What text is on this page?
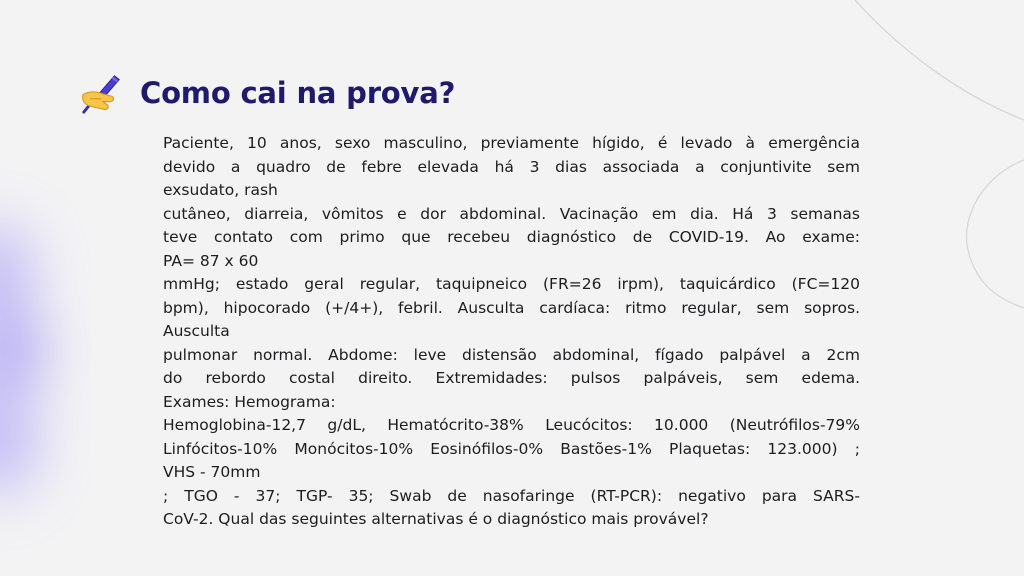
Como cai na prova?
Paciente, 10 anos, sexo masculino, previamente hígido, é levado à emergência
devido a quadro de febre elevada há 3 dias associada a conjuntivite sem
exsudato, rash
cutâneo, diarreia, vômitos e dor abdominal. Vacinação em dia. Há 3 semanas
teve contato com primo que recebeu diagnóstico de COVID-19. Ao exame:
PA= 87 x 60
mmHg; estado geral regular, taquipneico (FR=26 irpm), taquicárdico (FC=120
bpm), hipocorado (+/4+), febril. Ausculta cardíaca: ritmo regular, sem sopros.
Ausculta
pulmonar normal. Abdome: leve distensão abdominal, fígado palpável a 2cm
do rebordo costal direito. Extremidades: pulsos palpáveis, sem edema.
Exames: Hemograma:
Hemoglobina-12,7 g/dL, Hematócrito-38% Leucócitos: 10.000 (Neutrófilos-79%
Linfócitos-10% Monócitos-10% Eosinófilos-0% Bastões-1% Plaquetas: 123.000) ;
VHS - 70mm
; TGO - 37; TGP- 35; Swab de nasofaringe (RT-PCR): negativo para SARS-
CoV-2. Qual das seguintes alternativas é o diagnóstico mais provável?
